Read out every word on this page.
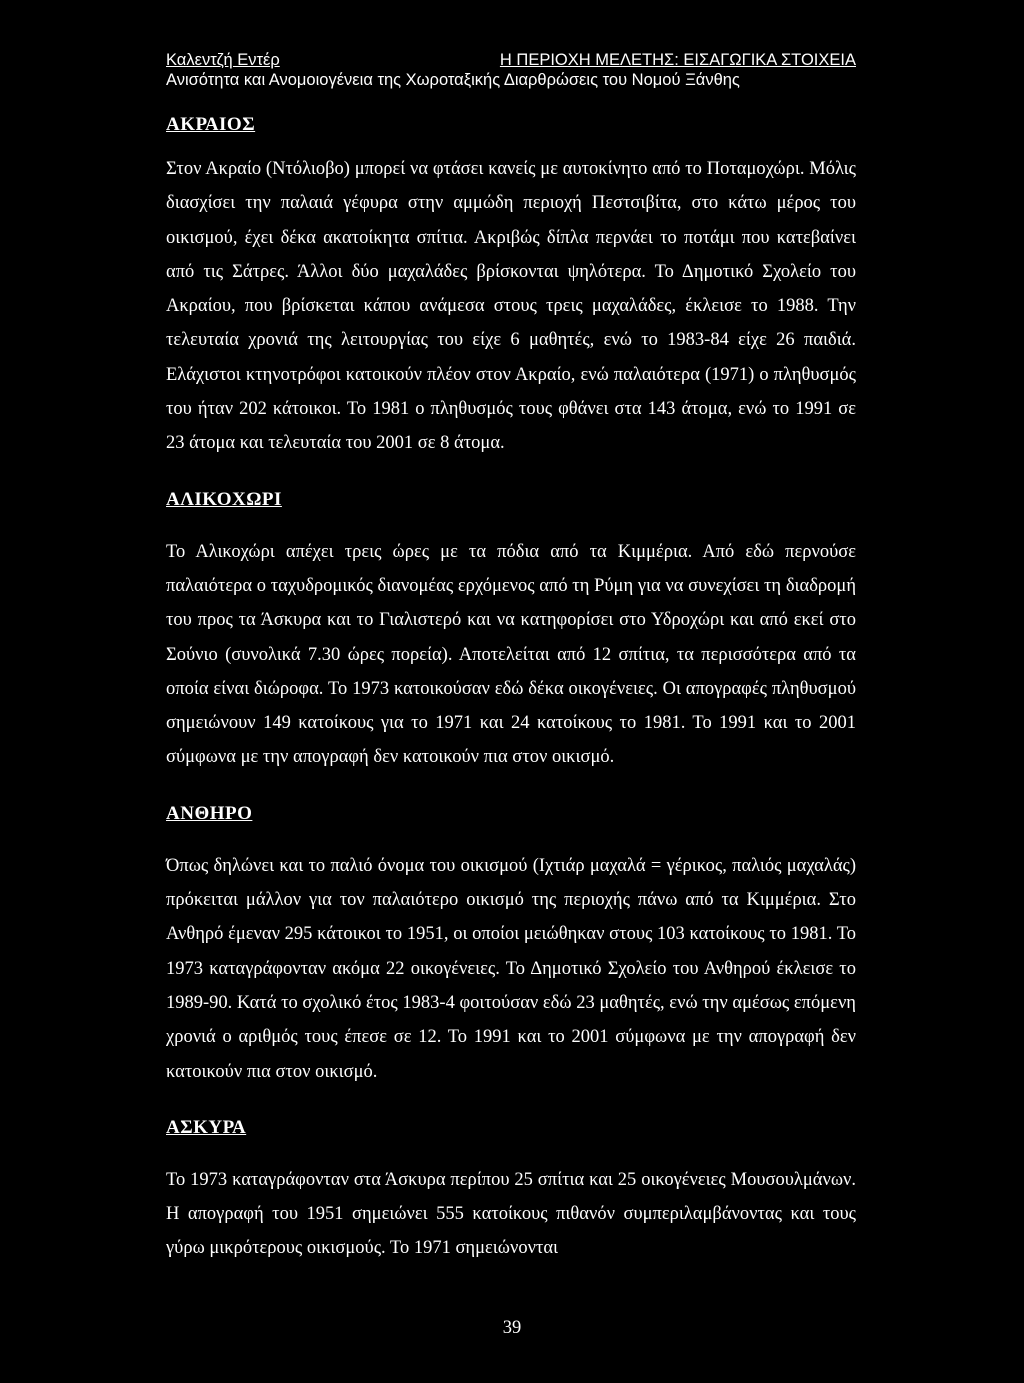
Καλεντζή Εντέρ	Η ΠΕΡΙΟΧΗ ΜΕΛΕΤΗΣ: ΕΙΣΑΓΩΓΙΚΑ ΣΤΟΙΧΕΙΑ
Ανισότητα και Ανομοιογένεια της Χωροταξικής Διαρθρώσεις του Νομού Ξάνθης
ΑΚΡΑΙΟΣ

Στον Ακραίο (Ντόλιοβο) μπορεί να φτάσει κανείς με αυτοκίνητο από το Ποταμοχώρι. Μόλις διασχίσει την παλαιά γέφυρα στην αμμώδη περιοχή Πεστσιβίτα, στο κάτω μέρος του οικισμού, έχει δέκα ακατοίκητα σπίτια. Ακριβώς δίπλα περνάει το ποτάμι που κατεβαίνει από τις Σάτρες. Άλλοι δύο μαχαλάδες βρίσκονται ψηλότερα. Το Δημοτικό Σχολείο του Ακραίου, που βρίσκεται κάπου ανάμεσα στους τρεις μαχαλάδες, έκλεισε το 1988. Την τελευταία χρονιά της λειτουργίας του είχε 6 μαθητές, ενώ το 1983-84 είχε 26 παιδιά. Ελάχιστοι κτηνοτρόφοι κατοικούν πλέον στον Ακραίο, ενώ παλαιότερα (1971) ο πληθυσμός του ήταν 202 κάτοικοι. Το 1981 ο πληθυσμός τους φθάνει στα 143 άτομα, ενώ το 1991 σε 23 άτομα και τελευταία του 2001 σε 8 άτομα.

ΑΛΙΚΟΧΩΡΙ

Το Αλικοχώρι απέχει τρεις ώρες με τα πόδια από τα Κιμμέρια. Από εδώ περνούσε παλαιότερα ο ταχυδρομικός διανομέας ερχόμενος από τη Ρύμη για να συνεχίσει τη διαδρομή του προς τα Άσκυρα και το Γιαλιστερό και να κατηφορίσει στο Υδροχώρι και από εκεί στο Σούνιο (συνολικά 7.30 ώρες πορεία). Αποτελείται από 12 σπίτια, τα περισσότερα από τα οποία είναι διώροφα. Το 1973 κατοικούσαν εδώ δέκα οικογένειες. Οι απογραφές πληθυσμού σημειώνουν 149 κατοίκους για το 1971 και 24 κατοίκους το 1981. Το 1991 και το 2001 σύμφωνα με την απογραφή δεν κατοικούν πια στον οικισμό.

ΑΝΘΗΡΟ

Όπως δηλώνει και το παλιό όνομα του οικισμού (Ιχτιάρ μαχαλά = γέρικος, παλιός μαχαλάς) πρόκειται μάλλον για τον παλαιότερο οικισμό της περιοχής πάνω από τα Κιμμέρια. Στο Ανθηρό έμεναν 295 κάτοικοι το 1951, οι οποίοι μειώθηκαν στους 103 κατοίκους το 1981. Το 1973 καταγράφονταν ακόμα 22 οικογένειες. Το Δημοτικό Σχολείο του Ανθηρού έκλεισε το 1989-90. Κατά το σχολικό έτος 1983-4 φοιτούσαν εδώ 23 μαθητές, ενώ την αμέσως επόμενη χρονιά ο αριθμός τους έπεσε σε 12. Το 1991 και το 2001 σύμφωνα με την απογραφή δεν κατοικούν πια στον οικισμό.

ΑΣΚΥΡΑ

Το 1973 καταγράφονταν στα Άσκυρα περίπου 25 σπίτια και 25 οικογένειες Μουσουλμάνων. Η απογραφή του 1951 σημειώνει 555 κατοίκους πιθανόν συμπεριλαμβάνοντας και τους γύρω μικρότερους οικισμούς. Το 1971 σημειώνονται

39
